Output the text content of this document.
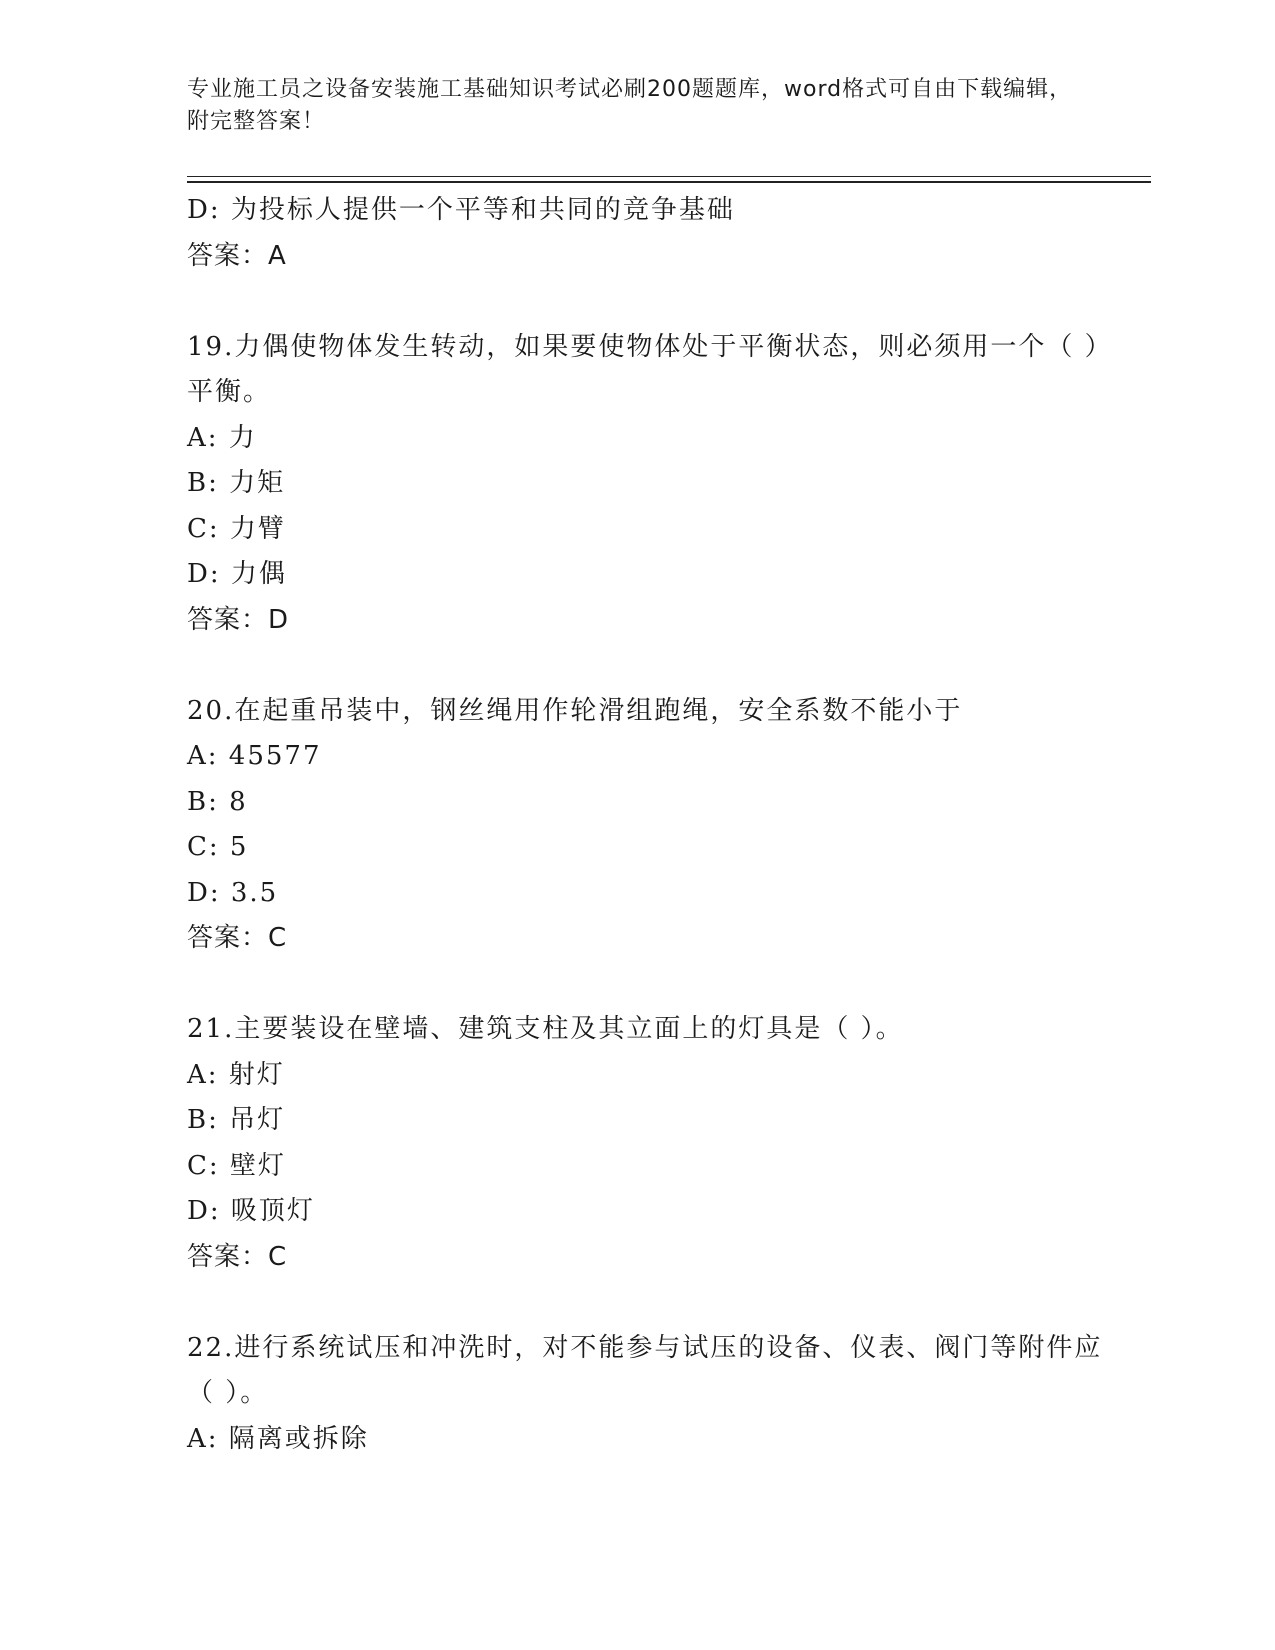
专业施工员之设备安装施工基础知识考试必刷200题题库，word格式可自由下载编辑，附完整答案！
D: 为投标人提供一个平等和共同的竞争基础
答案：A
19.力偶使物体发生转动，如果要使物体处于平衡状态，则必须用一个（ ）平衡。
A: 力
B: 力矩
C: 力臂
D: 力偶
答案：D
20.在起重吊装中，钢丝绳用作轮滑组跑绳，安全系数不能小于
A: 45577
B: 8
C: 5
D: 3.5
答案：C
21.主要装设在壁墙、建筑支柱及其立面上的灯具是（ ）。
A: 射灯
B: 吊灯
C: 壁灯
D: 吸顶灯
答案：C
22.进行系统试压和冲洗时，对不能参与试压的设备、仪表、阀门等附件应（ ）。
A: 隔离或拆除
